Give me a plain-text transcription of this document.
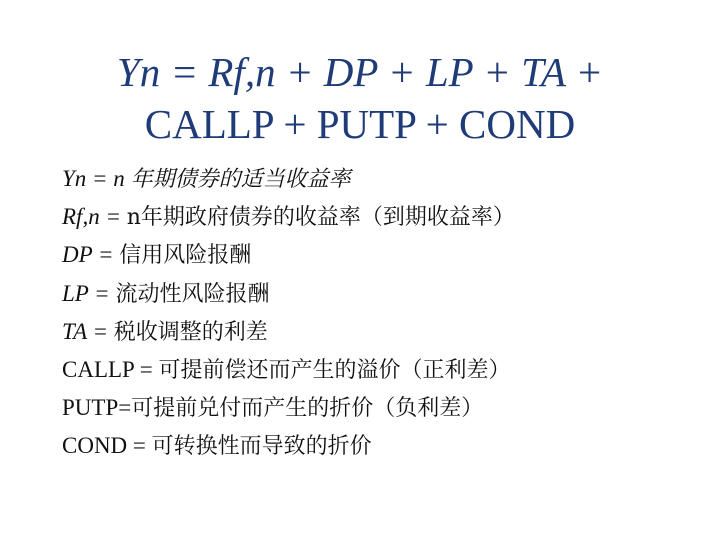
Yn = Rf,n + DP + LP + TA +
CALLP + PUTP + COND
Yn = n 年期债券的适当收益率
Rf,n = n年期政府债券的收益率（到期收益率）
DP = 信用风险报酬
LP = 流动性风险报酬
TA = 税收调整的利差
CALLP = 可提前偿还而产生的溢价（正利差）
PUTP=可提前兑付而产生的折价（负利差）
COND = 可转换性而导致的折价
